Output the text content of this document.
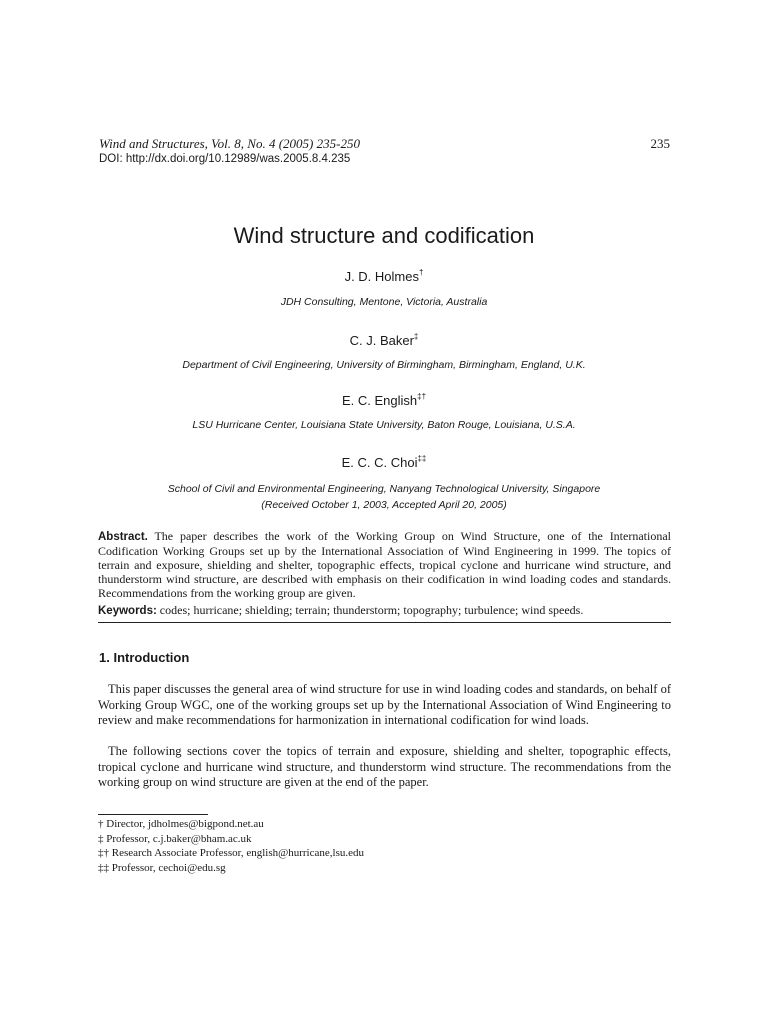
Wind and Structures, Vol. 8, No. 4 (2005) 235-250	235
DOI: http://dx.doi.org/10.12989/was.2005.8.4.235
Wind structure and codification
J. D. Holmes†
JDH Consulting, Mentone, Victoria, Australia
C. J. Baker‡
Department of Civil Engineering, University of Birmingham, Birmingham, England, U.K.
E. C. English‡†
LSU Hurricane Center, Louisiana State University, Baton Rouge, Louisiana, U.S.A.
E. C. C. Choi‡‡
School of Civil and Environmental Engineering, Nanyang Technological University, Singapore
(Received October 1, 2003, Accepted April 20, 2005)
Abstract. The paper describes the work of the Working Group on Wind Structure, one of the International Codification Working Groups set up by the International Association of Wind Engineering in 1999. The topics of terrain and exposure, shielding and shelter, topographic effects, tropical cyclone and hurricane wind structure, and thunderstorm wind structure, are described with emphasis on their codification in wind loading codes and standards. Recommendations from the working group are given.
Keywords: codes; hurricane; shielding; terrain; thunderstorm; topography; turbulence; wind speeds.
1. Introduction

This paper discusses the general area of wind structure for use in wind loading codes and standards, on behalf of Working Group WGC, one of the working groups set up by the International Association of Wind Engineering to review and make recommendations for harmonization in international codification for wind loads.

The following sections cover the topics of terrain and exposure, shielding and shelter, topographic effects, tropical cyclone and hurricane wind structure, and thunderstorm wind structure. The recommendations from the working group on wind structure are given at the end of the paper.

† Director, jdholmes@bigpond.net.au
‡ Professor, c.j.baker@bham.ac.uk
‡† Research Associate Professor, english@hurricane,lsu.edu
‡‡ Professor, cechoi@edu.sg
